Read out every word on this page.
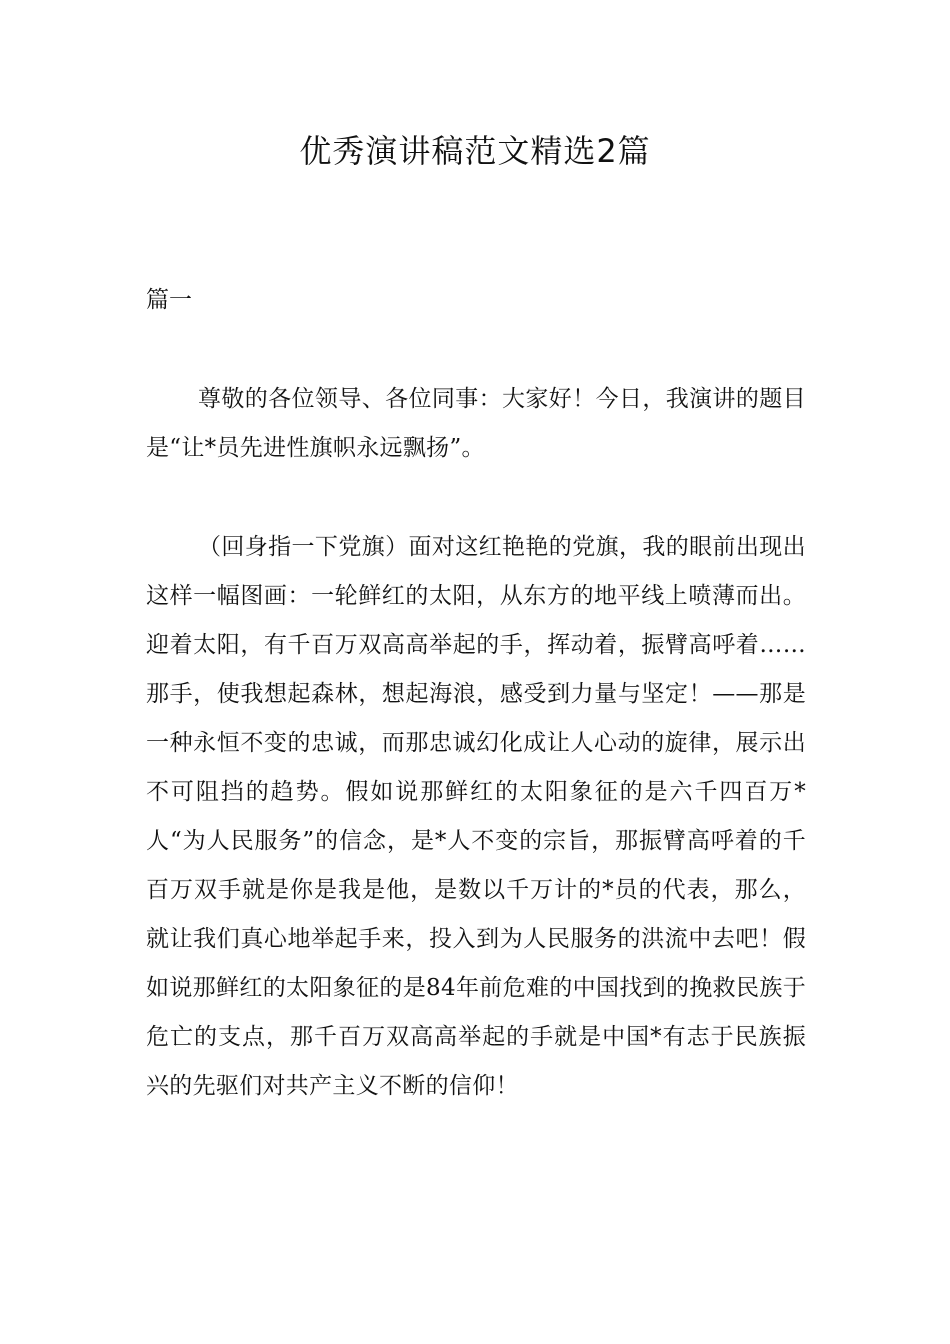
优秀演讲稿范文精选2篇

篇一

尊敬的各位领导、各位同事：大家好！今日，我演讲的题目是“让*员先进性旗帜永远飘扬”。

（回身指一下党旗）面对这红艳艳的党旗，我的眼前出现出这样一幅图画：一轮鲜红的太阳，从东方的地平线上喷薄而出。迎着太阳，有千百万双高高举起的手，挥动着，振臂高呼着……那手，使我想起森林，想起海浪，感受到力量与坚定！——那是一种永恒不变的忠诚，而那忠诚幻化成让人心动的旋律，展示出不可阻挡的趋势。假如说那鲜红的太阳象征的是六千四百万*人“为人民服务”的信念，是*人不变的宗旨，那振臂高呼着的千百万双手就是你是我是他，是数以千万计的*员的代表，那么，就让我们真心地举起手来，投入到为人民服务的洪流中去吧！假如说那鲜红的太阳象征的是84年前危难的中国找到的挽救民族于危亡的支点，那千百万双高高举起的手就是中国*有志于民族振兴的先驱们对共产主义不断的信仰！
